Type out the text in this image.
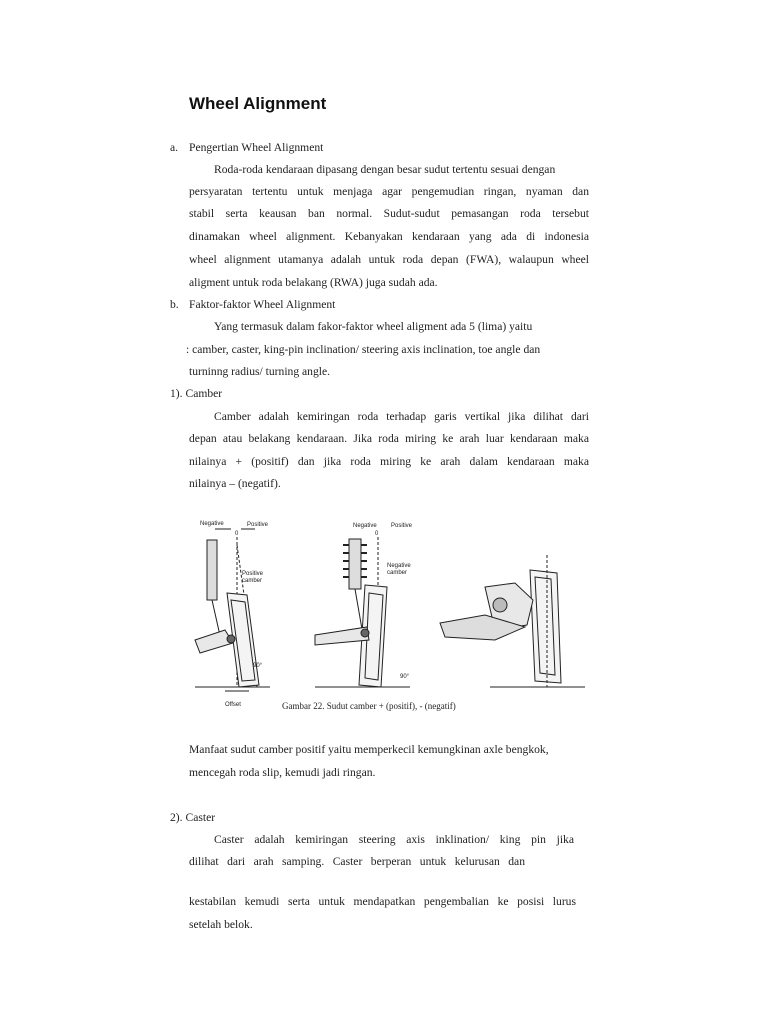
Wheel Alignment
a. Pengertian Wheel Alignment
Roda-roda kendaraan dipasang dengan besar sudut tertentu sesuai dengan
persyaratan tertentu untuk menjaga agar pengemudian ringan, nyaman dan
stabil serta keausan ban normal. Sudut-sudut pemasangan roda tersebut
dinamakan wheel alignment. Kebanyakan kendaraan yang ada di indonesia
wheel alignment utamanya adalah untuk roda depan (FWA), walaupun wheel
aligment untuk roda belakang (RWA) juga sudah ada.
b. Faktor-faktor Wheel Alignment
Yang termasuk dalam fakor-faktor wheel aligment ada 5 (lima) yaitu
: camber, caster, king-pin inclination/ steering axis inclination, toe angle dan
turninng radius/ turning angle.
1). Camber
Camber adalah kemiringan roda terhadap garis vertikal jika dilihat dari
depan atau belakang kendaraan. Jika roda miring ke arah luar kendaraan maka
nilainya + (positif) dan jika roda miring ke arah dalam kendaraan maka
nilainya – (negatif).
Negative	Positive
0
Positive
camber
90°
Offset
Negative Positive
0
Negative
camber
90°
Gambar 22. Sudut camber + (positif), - (negatif)
Manfaat sudut camber positif yaitu memperkecil kemungkinan axle bengkok,
mencegah roda slip, kemudi jadi ringan.
2). Caster
Caster adalah kemiringan steering axis inklination/ king pin jika
dilihat dari arah samping. Caster berperan untuk kelurusan dan
kestabilan kemudi serta untuk mendapatkan pengembalian ke posisi lurus
setelah belok.
